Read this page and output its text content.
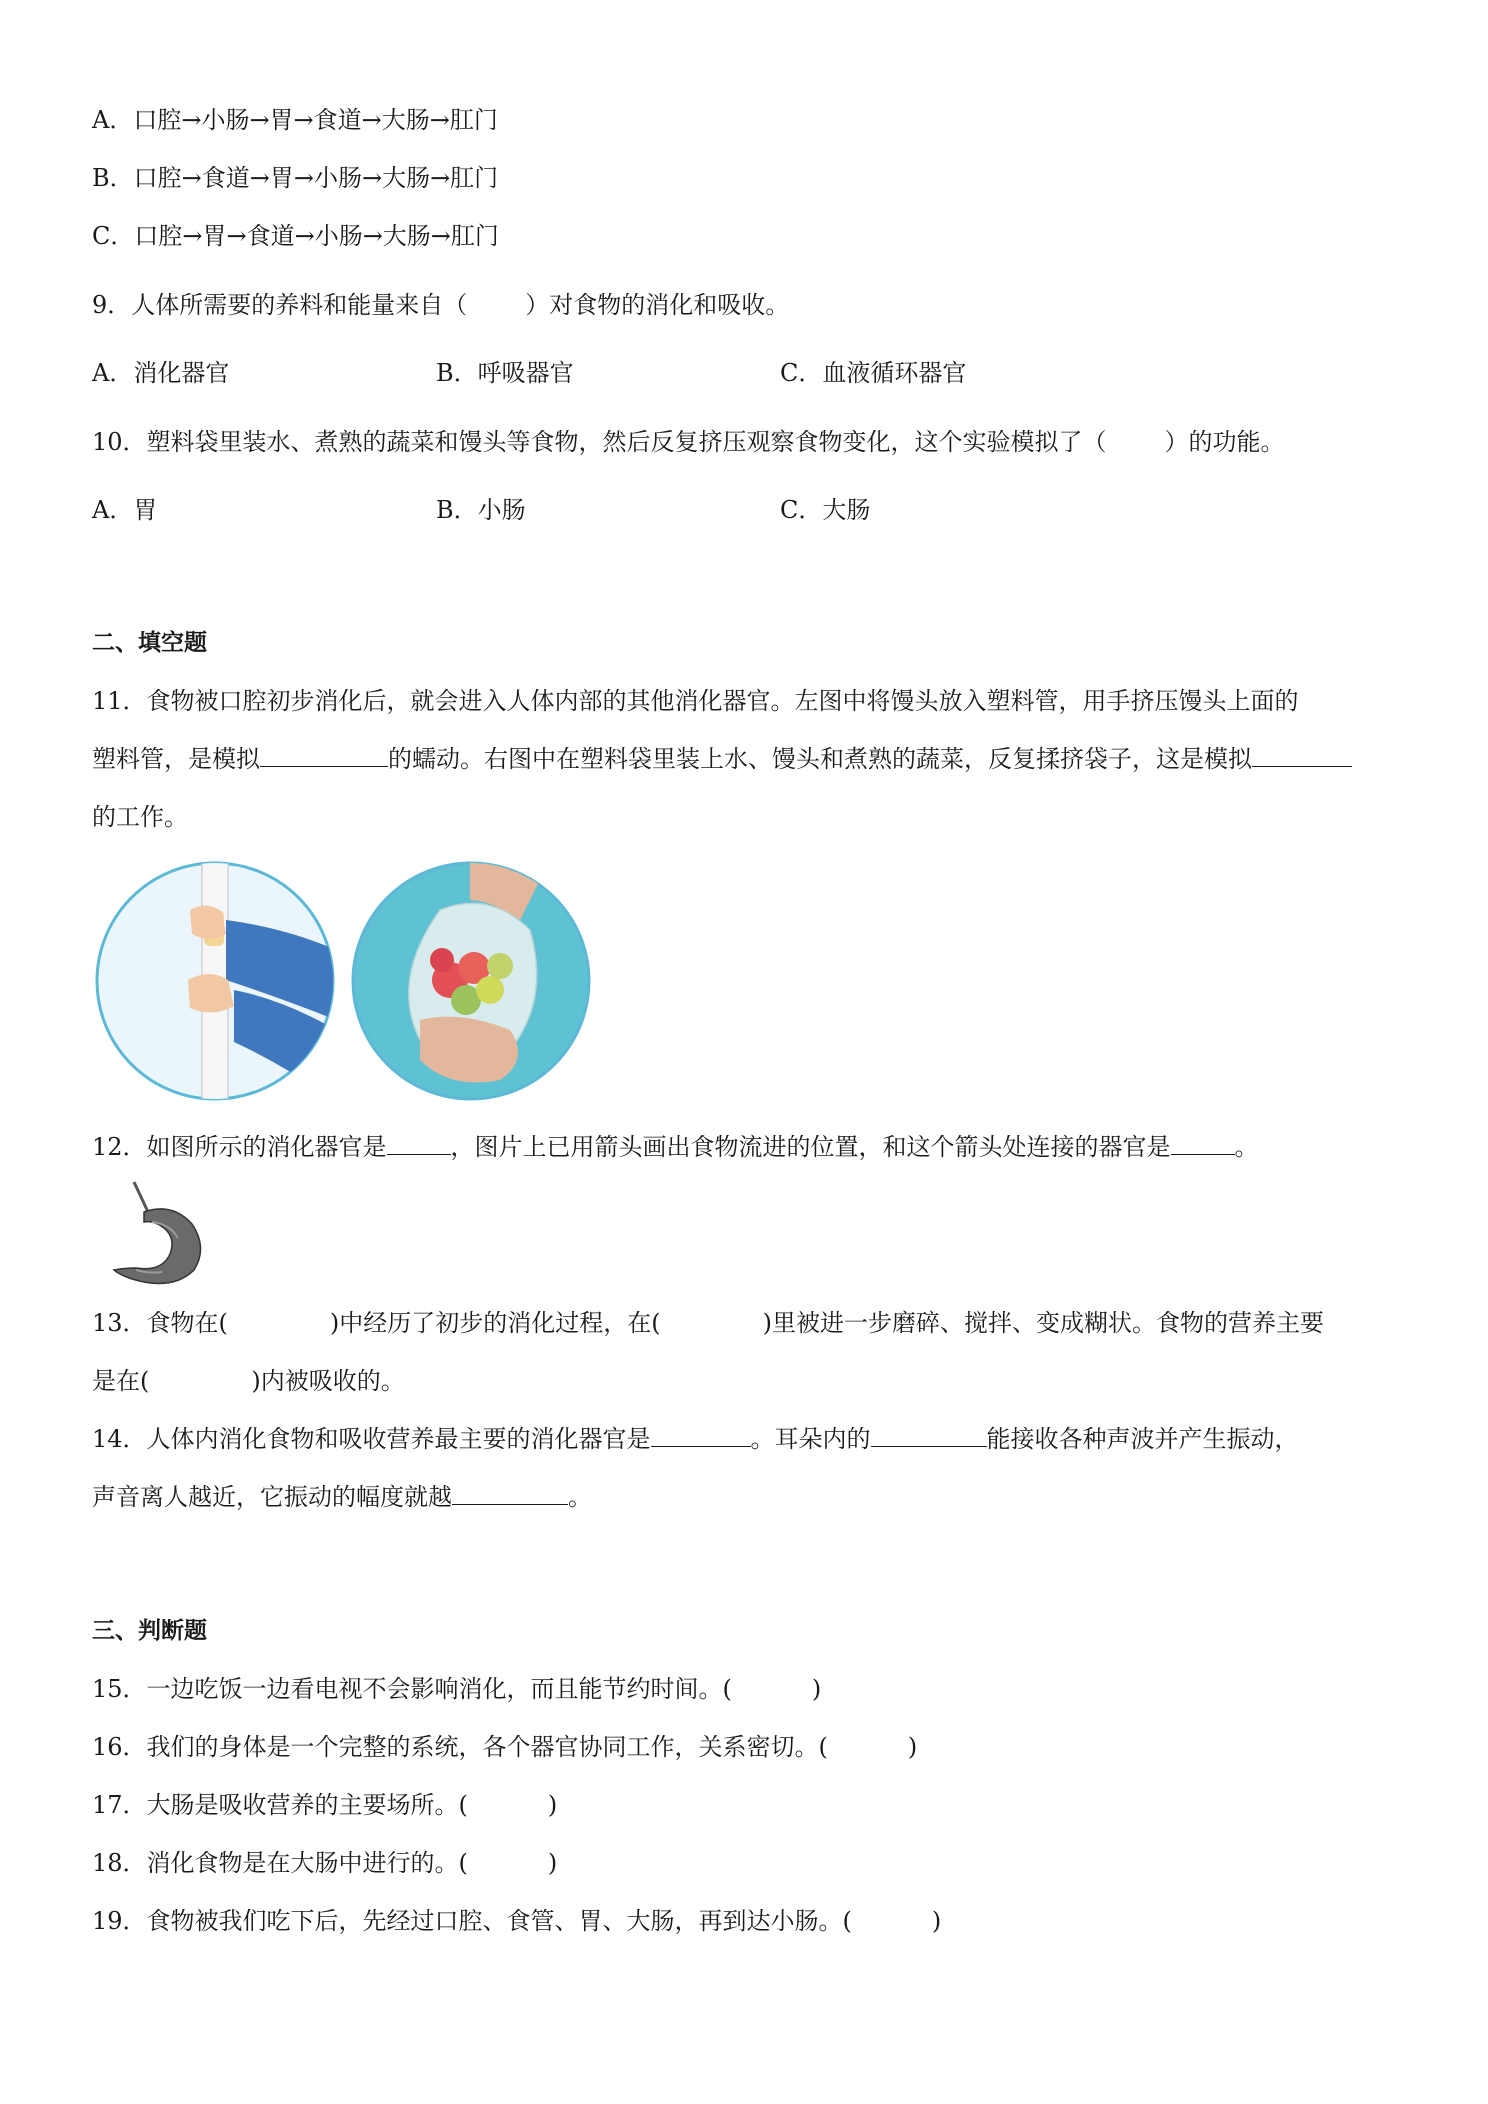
A．口腔→小肠→胃→食道→大肠→肛门
B．口腔→食道→胃→小肠→大肠→肛门
C．口腔→胃→食道→小肠→大肠→肛门
9．人体所需要的养料和能量来自（ ）对食物的消化和吸收。
A．消化器官	B．呼吸器官	C．血液循环器官
10．塑料袋里装水、煮熟的蔬菜和馒头等食物，然后反复挤压观察食物变化，这个实验模拟了（ ）的功能。
A．胃	B．小肠	C．大肠
二、填空题
11．食物被口腔初步消化后，就会进入人体内部的其他消化器官。左图中将馒头放入塑料管，用手挤压馒头上面的
塑料管，是模拟	的蠕动。右图中在塑料袋里装上水、馒头和煮熟的蔬菜，反复揉挤袋子，这是模拟
的工作。
12．如图所示的消化器官是	，图片上已用箭头画出食物流进的位置，和这个箭头处连接的器官是	。
13．食物在(	)中经历了初步的消化过程，在(	)里被进一步磨碎、搅拌、变成糊状。食物的营养主要
是在(	)内被吸收的。
14．人体内消化食物和吸收营养最主要的消化器官是	。耳朵内的	能接收各种声波并产生振动，
声音离人越近，它振动的幅度就越	。
三、判断题
15．一边吃饭一边看电视不会影响消化，而且能节约时间。(	)
16．我们的身体是一个完整的系统，各个器官协同工作，关系密切。(	)
17．大肠是吸收营养的主要场所。(	)
18．消化食物是在大肠中进行的。(	)
19．食物被我们吃下后，先经过口腔、食管、胃、大肠，再到达小肠。(	)
